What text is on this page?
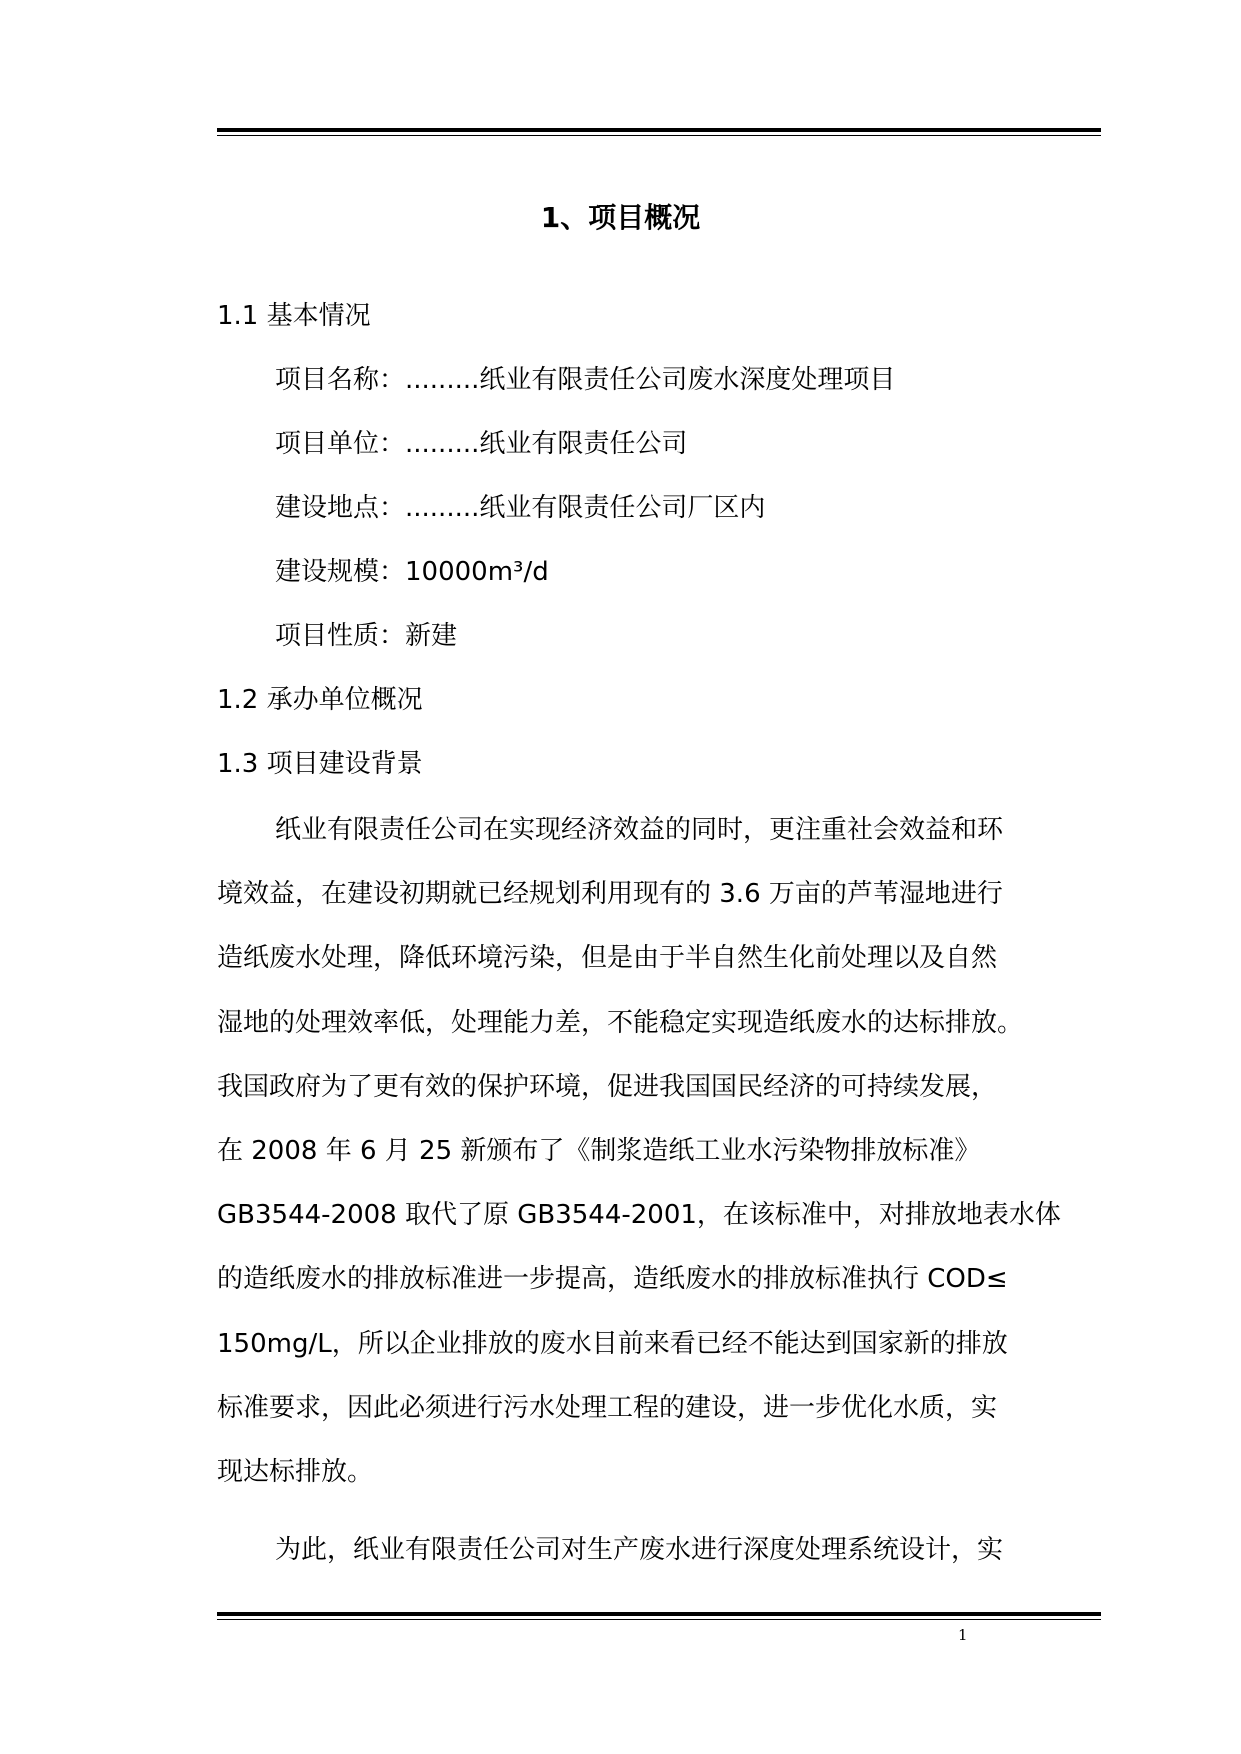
1、项目概况
1.1 基本情况
项目名称：.........纸业有限责任公司废水深度处理项目
项目单位：.........纸业有限责任公司
建设地点：.........纸业有限责任公司厂区内
建设规模：10000m³/d
项目性质：新建
1.2 承办单位概况
1.3 项目建设背景
纸业有限责任公司在实现经济效益的同时，更注重社会效益和环
境效益，在建设初期就已经规划利用现有的 3.6 万亩的芦苇湿地进行
造纸废水处理，降低环境污染，但是由于半自然生化前处理以及自然
湿地的处理效率低，处理能力差，不能稳定实现造纸废水的达标排放。
我国政府为了更有效的保护环境，促进我国国民经济的可持续发展，
在 2008 年 6 月 25 新颁布了《制浆造纸工业水污染物排放标准》
GB3544-2008 取代了原 GB3544-2001，在该标准中，对排放地表水体
的造纸废水的排放标准进一步提高，造纸废水的排放标准执行 COD≤
150mg/L，所以企业排放的废水目前来看已经不能达到国家新的排放
标准要求，因此必须进行污水处理工程的建设，进一步优化水质，实
现达标排放。
为此，纸业有限责任公司对生产废水进行深度处理系统设计，实
1
